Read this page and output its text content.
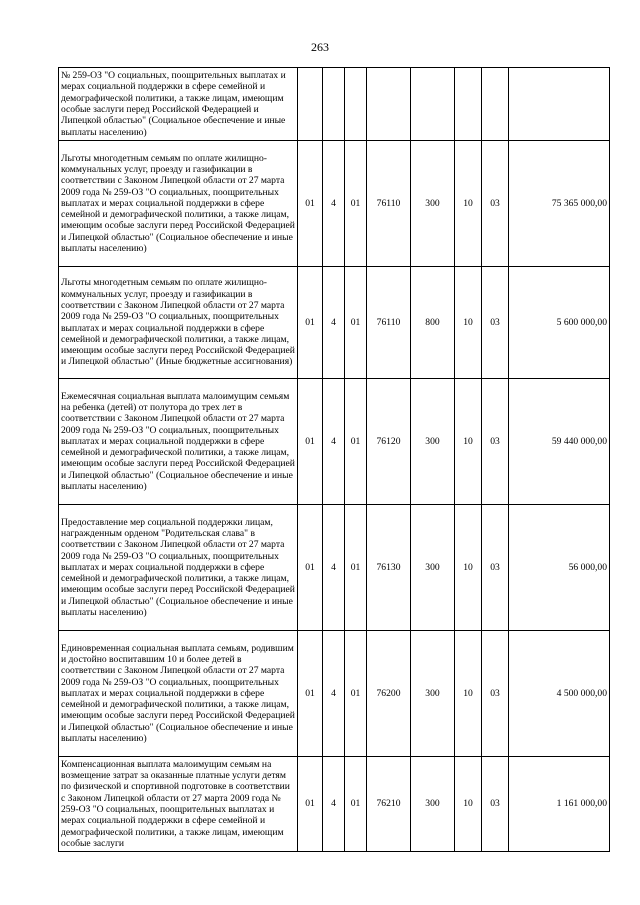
263
№ 259-ОЗ "О социальных, поощрительных выплатах и мерах социальной поддержки в сфере семейной и демографической политики, а также лицам, имеющим особые заслуги перед Российской Федерацией и Липецкой областью" (Социальное обеспечение и иные выплаты населению)								
Льготы многодетным семьям по оплате жилищно-коммунальных услуг, проезду и газификации в соответствии с Законом Липецкой области от 27 марта 2009 года № 259-ОЗ "О социальных, поощрительных выплатах и мерах социальной поддержки в сфере семейной и демографической политики, а также лицам, имеющим особые заслуги перед Российской Федерацией и Липецкой областью" (Социальное обеспечение и иные выплаты населению)	01	4	01	76110	300	10	03	75 365 000,00
Льготы многодетным семьям по оплате жилищно-коммунальных услуг, проезду и газификации в соответствии с Законом Липецкой области от 27 марта 2009 года № 259-ОЗ "О социальных, поощрительных выплатах и мерах социальной поддержки в сфере семейной и демографической политики, а также лицам, имеющим особые заслуги перед Российской Федерацией и Липецкой областью" (Иные бюджетные ассигнования)	01	4	01	76110	800	10	03	5 600 000,00
Ежемесячная социальная выплата малоимущим семьям на ребенка (детей) от полутора до трех лет в соответствии с Законом Липецкой области от 27 марта 2009 года № 259-ОЗ "О социальных, поощрительных выплатах и мерах социальной поддержки в сфере семейной и демографической политики, а также лицам, имеющим особые заслуги перед Российской Федерацией и Липецкой областью" (Социальное обеспечение и иные выплаты населению)	01	4	01	76120	300	10	03	59 440 000,00
Предоставление мер социальной поддержки лицам, награжденным орденом "Родительская слава" в соответствии с Законом Липецкой области от 27 марта 2009 года № 259-ОЗ "О социальных, поощрительных выплатах и мерах социальной поддержки в сфере семейной и демографической политики, а также лицам, имеющим особые заслуги перед Российской Федерацией и Липецкой областью" (Социальное обеспечение и иные выплаты населению)	01	4	01	76130	300	10	03	56 000,00
Единовременная социальная выплата семьям, родившим и достойно воспитавшим 10 и более детей в соответствии с Законом Липецкой области от 27 марта 2009 года № 259-ОЗ "О социальных, поощрительных выплатах и мерах социальной поддержки в сфере семейной и демографической политики, а также лицам, имеющим особые заслуги перед Российской Федерацией и Липецкой областью" (Социальное обеспечение и иные выплаты населению)	01	4	01	76200	300	10	03	4 500 000,00
Компенсационная выплата малоимущим семьям на возмещение затрат за оказанные платные услуги детям по физической и спортивной подготовке в соответствии с Законом Липецкой области от 27 марта 2009 года № 259-ОЗ "О социальных, поощрительных выплатах и мерах социальной поддержки в сфере семейной и демографической политики, а также лицам, имеющим особые заслуги	01	4	01	76210	300	10	03	1 161 000,00
